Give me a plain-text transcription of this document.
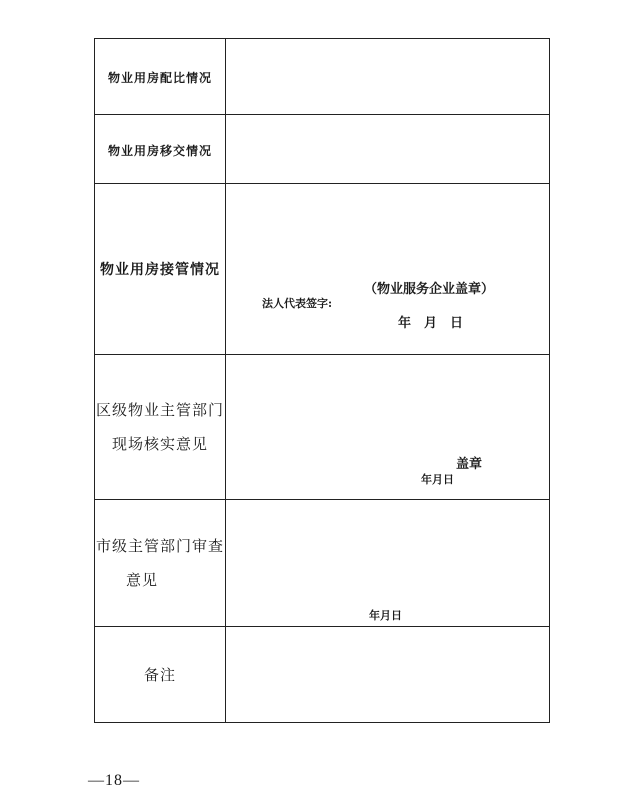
物业用房配比情况	
物业用房移交情况	
物业用房接管情况	（物业服务企业盖章）
法人代表签字:
年　月　日

区级物业主管部门
现场核实意见	盖章
年月日

市级主管部门审查
意见	年月日

备注	
—18—
